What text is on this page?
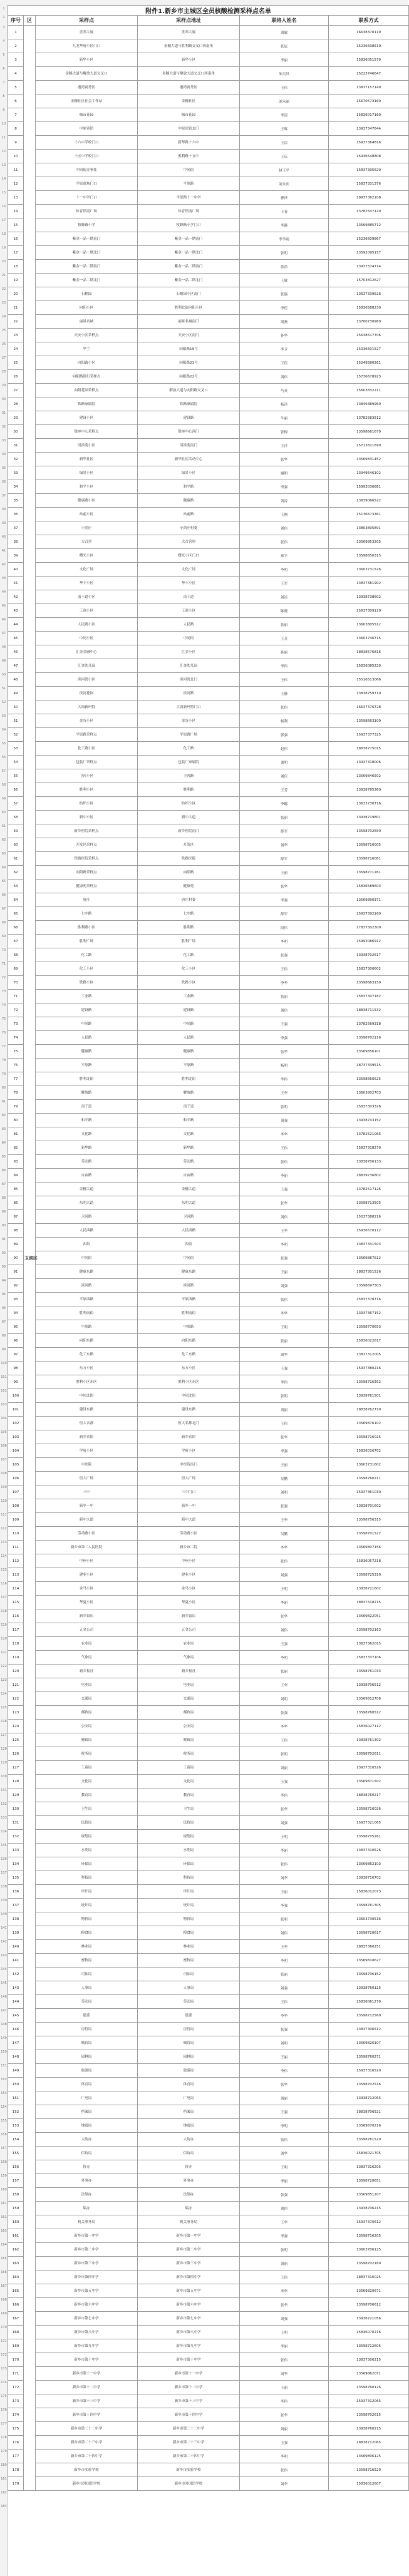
1
2
3
4
5
6
7
8
9
10
11
12
13
14
15
16
17
18
19
20
21
22
23
24
25
26
27
28
29
30
31
32
33
34
35
36
37
38
39
40
41
42
43
44
45
46
47
48
49
50
51
52
53
54
55
56
57
58
59
60
61
62
63
64
65
66
67
68
69
70
71
72
73
74
75
76
77
78
79
80
81
82
83
84
85
86
87
88
89
90
91
92
93
94
95
96
97
98
99
100
101
102
103
104
105
106
107
108
109
110
111
112
113
114
115
116
117
118
119
120
121
122
123
124
125
126
127
128
129
130
131
132
133
134
135
136
137
138
139
140
141
142
143
144
145
146
147
148
149
150
151
152
153
154
155
156
157
158
159
160
161
162
163
164
165
166
167
168
169
170
171
172
173
174
175
176
177
178
179
180
181
182
183
附件1.新乡市主城区全员核酸检测采样点名单					
序号	区	采样点	采样点地址	联络人姓名	联系方式
1	卫滨区	世邦大厦	世邦大厦	刘敏	16638370119
2		九龙华府小区门口	金穗大道与胜利路交叉口西南角	张辰	15236608519
3		新华小区	新华小区	李丽	15836051579
4		金穗大道与解放大道交叉口	金穗大道与解放大道交叉口西南角	朱贝贝	15223746647
5		港湾商务区	港湾商务区	王伟	13837157149
6		金穗社区社会工作站	金穗社区	刘永丽	15670573160
7		城市花园	城市花园	李清	15836017160
8		中原宾馆	中原宾馆北门	王晖	13937347644
9		十六中学校门口	新华路十六中	王洁	15937364816
10		十五中学校门口	胜利路十五中	王庆	15936548808
11		中同街办事处	中同街	赵玉平	15837395620
12		平原商场门口	平原路	刘永庆	15837331376
13		十一中学门口	平原路十一中学	曹泽	18937362108
14		体育馆南广场	体育馆南广场	王春	13782507129
15		牧野路小学	牧野路小学门口	李静	13569885712
16		紫金一品一期南门	紫金一品一期南门	李学雨	15236609867
17		紫金一品一期北门	紫金一品一期北门	张明	13592095157
18		紫金一品二期南门	紫金一品二期南门	张浩	13937374714
19		紫金一品二期北门	紫金一品二期北门	王敏	15703812627
20		石榴园	石榴园小区南门	张瑞	13637339526
21		向阳小区	胜利北街向阳小区	李佳	15936588230
22		丽景名城	丽景名城南门	刘燕	13700730960
23		天安小区采样点	天安小区南门	孙华	15638517706
24		华兰	向阳路19号	李卫	15036601527
25		向阳路小区	向阳路21号	王佳	15249580261
26		向阳路银行采样点	向阳路22号	刘伟	15736678923
27		向阳花园采样点	解放大道与向阳路交叉口	马英	15603832211
28		铁路家属院	铁路家属院	杨洋	13849389960
29		建设小区	建设路	牛丽	13782583512
30		银座中心采样点	银座中心西门	张梅	13598661670
31		河滨苑小区	河滨苑南门	王洋	15713811890
32		新华社区	新华社区活动中心	张华	13569831452
33		绿景小区	绿景小区	谢明	13949646102
34		和平小区	和平路	李强	15993036881
35		健康路小区	健康路	刘涛	13839066522
36		站前小区	站前路	王刚	15136673361
37		小尚庄	小尚庄村委	刘伟	13803805891
38		大召营	大召营村	张伟	13569853205
39		曙光小区	曙光小区门口	郑平	13598650315
40		文化广场	文化广场	李明	13603731526
41		华丰小区	华丰小区	王军	13837381902
42		南干道小区	南干道	刘洁	13938738602
43		工商小区	工商小区	陈晓	15837309120
44		人民路小区	人民路	张丽	13603805512
45		中同小区	中同街	王芳	13603736715
46		汇金金融中心	汇金小区	孙丽	18838576816
47		汇金幼儿园	汇金幼儿园	李伟	15836085220
48		滨河湾小区	滨河湾北门	王伟	15516513066
49		滨河花园	滨河路	王静	13838759710
50		大商新玛特	大商新玛特门口	张伟	16637376728
51		金谷小区	金谷小区	杨利	13598663100
52		平原路采样点	平原路广场	郭强	15937377325
53		化工路小区	化工路	赵伟	18838775015
54		包装厂采样点	包装厂家属院	刘明	13937318006
55		卫河小区	卫河路	刘佳	13569846502
56		胜利小区	胜利路	王芳	13938785360
57		纺织小区	纺织小区	李娜	13633730716
58		新中小区	新中大道	张丽	13938719801
59		新乡医院采样点	新乡医院南门	薛军	13598702650
60		开发区采样点	开发区	刘华	13598716005
61		铁路医院采样点	铁路医院	薛军	13598716081
62		向阳路采样点	向阳路	王丽	13598771261
63		健康苑采样点	健康苑	张华	15836589603
64		唐庄	唐庄村委	李强	13569890371
65		七中路	七中路	薛军	15937392160
66		胜利路小区	胜利路	段伟	17837302309
67		胜利广场	胜利广场	李明	15993086912
68		化工路	化工路	张强	13938702617
69		化工小区	化工小区	王伟	15837300602
70		铁路小区	铁路小区	李华	13598663150
71		工业路	工业路	张丽	15837307182
72		建设路	建设路	刘伟	18838711532
73		中同路	中同路	王强	13782569318
74		人民路	人民路	李强	13598702116
75		健康路	健康路	张华	13569856101
76		平原路	平原路	杨明	18737339515
77		胜利北街	胜利北街	李伟	13598660625
78		解放路	解放路	王华	13603802703
79		南干道	南干道	张明	15837303326
80		和平路	和平路	刘强	13938743152
81		文化路	文化路	李华	13782521065
82		新华路	新华路	王伟	15837318270
83		劳动路	劳动路	张伟	13838706133
84		自由路	自由路	李丽	18839736802
85		金穗大道	金穗大道	王强	13782517126
86		东明大道	东明大道	张华	13598713505
87		卫河路	卫河路	刘伟	15037388216
88		人民西路	人民西路	王华	15936570112
89		西街	西街	李明	13837331503
90		中同街	中同街	张强	13569887612
91		健康东路	健康东路	王丽	18837301526
92		滨河路	滨河路	刘强	13598697303
93		平原西路	平原西路	张伟	15837378716
94		胜利南街	胜利南街	李华	13937367152
95		中原路	中原路	王明	13598770653
96		向阳东路	向阳东路	张丽	15836022617
97		化工东路	化工东路	刘华	13837312005
98		东方小区	东方小区	王强	15937380216
99		胜利小区东区	胜利小区东区	李伟	13598716352
100		中同北街	中同北街	张明	13938761501
101		建设东路	建设东路	刘丽	18838762710
102		恒大名都	恒大名都北门	王伟	13569876102
103		新乡宾馆	新乡宾馆	张华	13598716025
104		学府小区	学府小区	李强	15836016702
105		中医院	中医院南门	王丽	13603731602
106		恒大广场	恒大广场	吴鹏	13598760211
107		三中	三中门口	刘明	15937361030
108		新乡一中	新乡一中	张强	13838701602
109		新中大道	新中大道	王华	13598756315
110		劳动路小区	劳动路小区	吴鹏	13598701522
111		新乡市第二人民医院	新乡市二院	李华	13569807156
112		中州小区	中州小区	张伟	15836057218
113		建业小区	建业小区	刘强	13598725310
114		金马小区	金马小区	王明	13938721602
115		华夏小区	华夏小区	李丽	18837318215
116		新乡饭店	新乡饭店	张华	13569822051
117		五金公司	五金公司	刘伟	13598702163
118		农业局	农业局	王强	13837362015
119		气象局	气象局	李明	15837337106
120		新乡报社	新乡报社	张丽	13598761033
121		电业局	电业局	王华	13938706512
122		交通局	交通局	刘明	13569812706
123		邮政局	邮政局	张强	13598760512
124		公安局	公安局	李华	15836027112
125		财政局	财政局	王伟	13838761302
126		税务局	税务局	张明	13598702611
127		工商局	工商局	刘丽	13937310526
128		文化局	文化局	王强	13569871502
129		教育局	教育局	李伟	18838760217
130		卫生局	卫生局	张华	13598716026
131		民政局	民政局	刘强	15937321065
132		规划局	规划局	王明	13598705261
133		水利局	水利局	李丽	13837310526
134		环保局	环保局	张伟	13569862103
135		科技局	科技局	刘华	13938716702
136		审计局	审计局	王丽	15836012073
137		统计局	统计局	李强	13598761305
138		物价局	物价局	张明	13603730516
139		粮食局	粮食局	刘伟	13598720617
140		林业局	林业局	王华	18837360251
141		畜牧局	畜牧局	李明	13569810627
142		司法局	司法局	张丽	13598706152
143		人事局	人事局	刘强	13938760125
144		劳动局	劳动局	王伟	15836061270
145		建委	建委	李华	13598712560
146		房管局	房管局	张强	13837306512
147		城管局	城管局	刘明	13569826107
148		园林局	园林局	王丽	13598760271
149		旅游局	旅游局	李伟	15937316520
150		体育局	体育局	张华	13598702516
151		广电局	广电局	刘丽	13938712065
152		档案局	档案局	王强	18838706521
153		地震局	地震局	李明	13569870216
154		人防办	人防办	张伟	13598761520
155		信访局	信访局	刘华	15836021705
156		侨办	侨办	王明	13837316205
157		外事办	外事办	李丽	13598720651
158		法制办	法制办	张强	13569851207
159		编办	编办	刘伟	13938706215
160		机关事务局	机关事务局	王华	15937370612
161		新乡市第一中学	新乡市第一中学	李强	13598716205
162		新乡市第二中学	新乡市第二中学	张明	13603706125
163		新乡市第三中学	新乡市第三中学	刘丽	13598702160
164		新乡市第四中学	新乡市第四中学	王伟	18837316025
165		新乡市第五中学	新乡市第五中学	李华	13569820671
166		新乡市第六中学	新乡市第六中学	张华	13598706612
167		新乡市第七中学	新乡市第七中学	刘强	13938721056
168		新乡市第八中学	新乡市第八中学	王明	15836070216
169		新乡市第九中学	新乡市第九中学	李丽	13598712605
170		新乡市第十中学	新乡市第十中学	张伟	13837306215
171		新乡市第十一中学	新乡市第十一中学	刘华	13569862071
172		新乡市第十二中学	新乡市第十二中学	王丽	13598760126
173		新乡市第十三中学	新乡市第十三中学	李伟	15937312065
174		新乡市第十四中学	新乡市第十四中学	张华	13598702615
175		新乡市第二十二中学	新乡市第二十二中学	刘丽	13938760215
176		新乡市第二十三中学	新乡市第二十三中学	王强	18838712065
177		新乡市第二十四中学	新乡市第二十四中学	李明	13569806125
178		新乡市实验学校	新乡市实验学校	张伟	13598716520
179		新乡市外国语学校	新乡市外国语学校	刘华	15836012607
